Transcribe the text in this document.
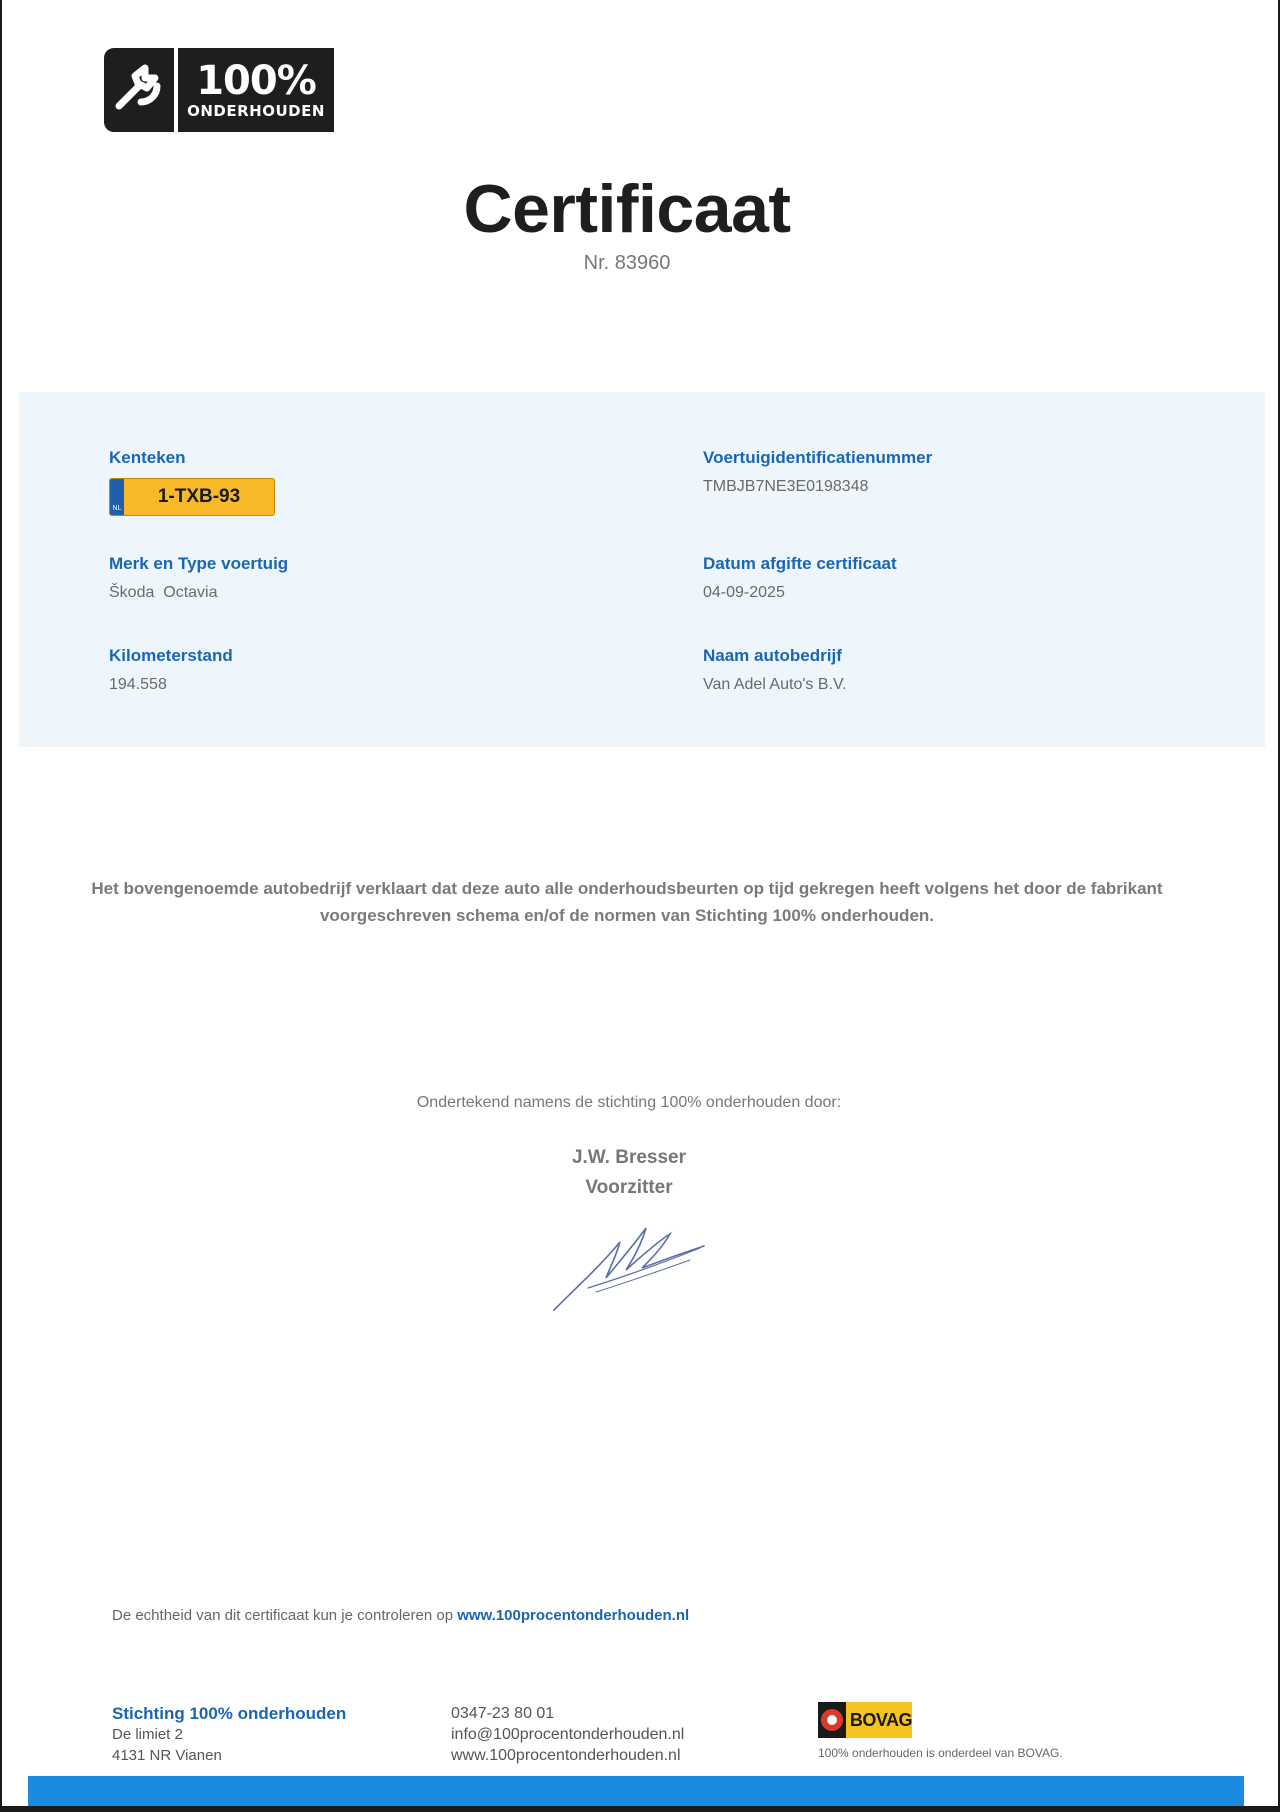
100%
ONDERHOUDEN
Certificaat
Nr. 83960
Kenteken
NL
1-TXB-93
Voertuigidentificatienummer
TMBJB7NE3E0198348
Merk en Type voertuig
Škoda  Octavia
Datum afgifte certificaat
04-09-2025
Kilometerstand
194.558
Naam autobedrijf
Van Adel Auto's B.V.
Het bovengenoemde autobedrijf verklaart dat deze auto alle onderhoudsbeurten op tijd gekregen heeft volgens het door de fabrikant
voorgeschreven schema en/of de normen van Stichting 100% onderhouden.
Ondertekend namens de stichting 100% onderhouden door:
J.W. Bresser
Voorzitter
De echtheid van dit certificaat kun je controleren op www.100procentonderhouden.nl
Stichting 100% onderhouden
De limiet 2
4131 NR Vianen
0347-23 80 01
info@100procentonderhouden.nl
www.100procentonderhouden.nl
BOVAG
100% onderhouden is onderdeel van BOVAG.
